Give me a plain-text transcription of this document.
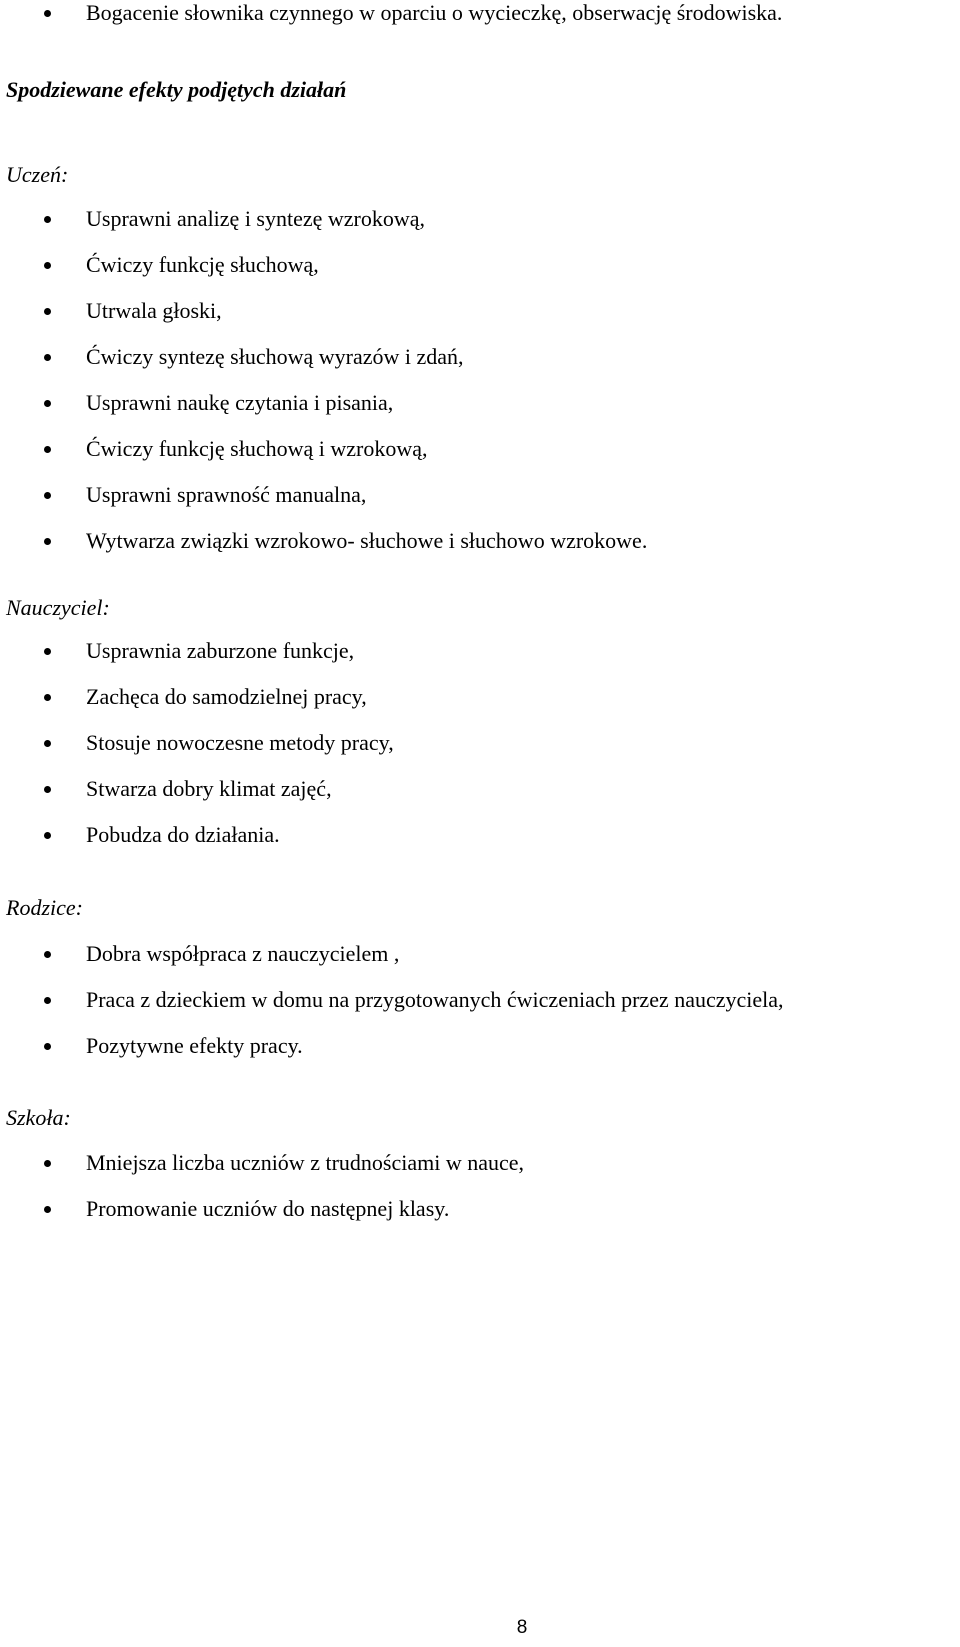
Bogacenie słownika czynnego w oparciu o wycieczkę, obserwację środowiska.
Spodziewane efekty podjętych działań
Uczeń:
Usprawni analizę i syntezę wzrokową,
Ćwiczy funkcję słuchową,
Utrwala głoski,
Ćwiczy syntezę słuchową wyrazów i zdań,
Usprawni naukę czytania i pisania,
Ćwiczy funkcję słuchową i wzrokową,
Usprawni sprawność manualna,
Wytwarza związki wzrokowo- słuchowe i słuchowo wzrokowe.
Nauczyciel:
Usprawnia zaburzone funkcje,
Zachęca do samodzielnej pracy,
Stosuje nowoczesne metody pracy,
Stwarza dobry klimat zajęć,
Pobudza do działania.
Rodzice:
Dobra współpraca z nauczycielem ,
Praca z dzieckiem w domu na przygotowanych ćwiczeniach przez nauczyciela,
Pozytywne efekty pracy.
Szkoła:
Mniejsza liczba uczniów z trudnościami w nauce,
Promowanie uczniów do następnej klasy.
8
